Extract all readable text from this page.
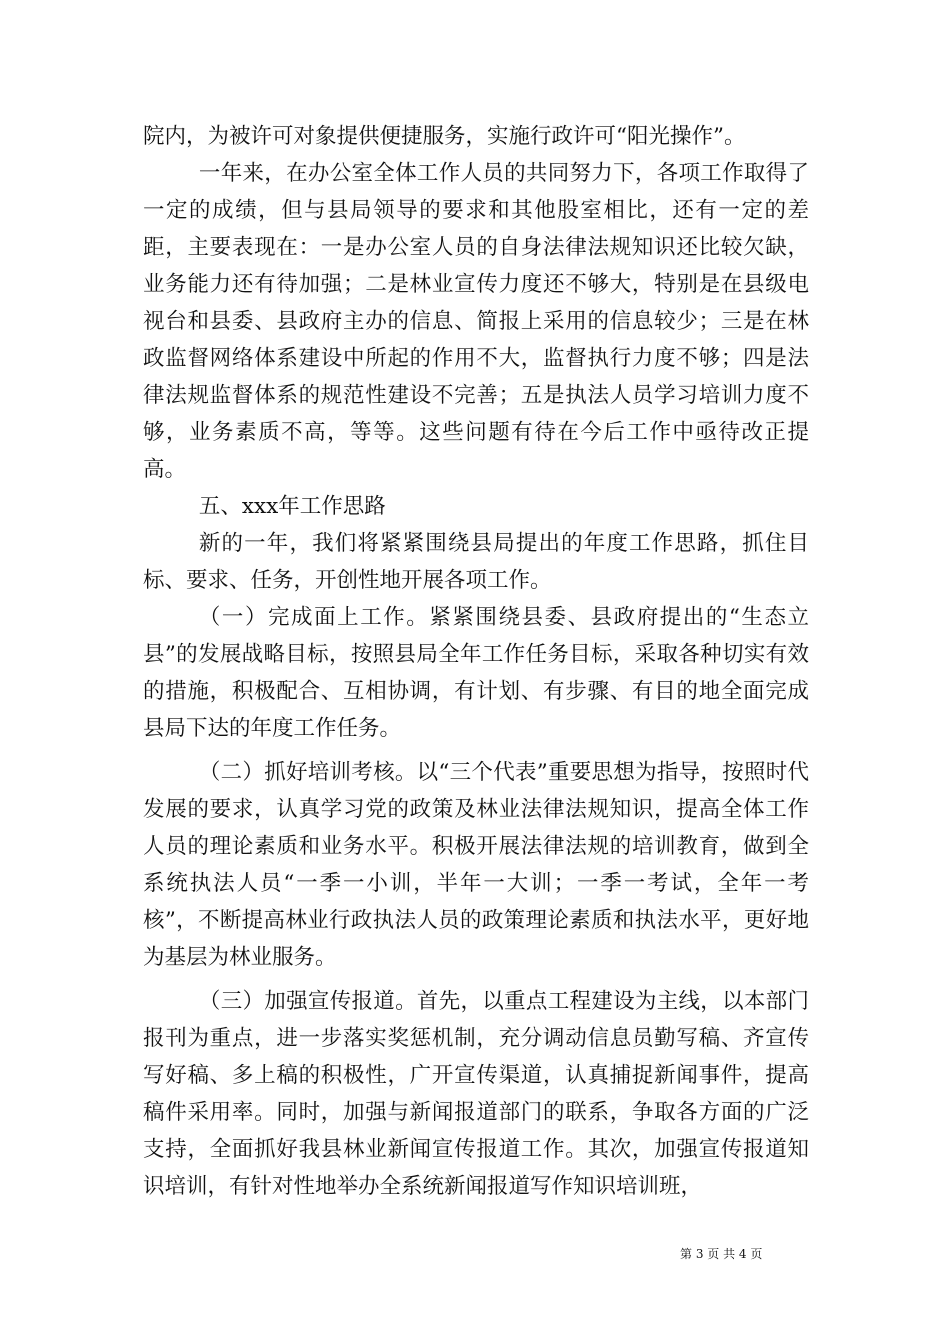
院内，为被许可对象提供便捷服务，实施行政许可“阳光操作”。

一年来，在办公室全体工作人员的共同努力下，各项工作取得了一定的成绩，但与县局领导的要求和其他股室相比，还有一定的差距，主要表现在：一是办公室人员的自身法律法规知识还比较欠缺，业务能力还有待加强；二是林业宣传力度还不够大，特别是在县级电视台和县委、县政府主办的信息、简报上采用的信息较少；三是在林政监督网络体系建设中所起的作用不大，监督执行力度不够；四是法律法规监督体系的规范性建设不完善；五是执法人员学习培训力度不够，业务素质不高，等等。这些问题有待在今后工作中亟待改正提高。

五、xxx年工作思路

新的一年，我们将紧紧围绕县局提出的年度工作思路，抓住目标、要求、任务，开创性地开展各项工作。

（一）完成面上工作。紧紧围绕县委、县政府提出的“生态立县”的发展战略目标，按照县局全年工作任务目标，采取各种切实有效的措施，积极配合、互相协调，有计划、有步骤、有目的地全面完成县局下达的年度工作任务。

（二）抓好培训考核。以“三个代表”重要思想为指导，按照时代发展的要求，认真学习党的政策及林业法律法规知识，提高全体工作人员的理论素质和业务水平。积极开展法律法规的培训教育，做到全系统执法人员“一季一小训，半年一大训；一季一考试，全年一考核”，不断提高林业行政执法人员的政策理论素质和执法水平，更好地为基层为林业服务。

（三）加强宣传报道。首先，以重点工程建设为主线，以本部门报刊为重点，进一步落实奖惩机制，充分调动信息员勤写稿、齐宣传写好稿、多上稿的积极性，广开宣传渠道，认真捕捉新闻事件，提高稿件采用率。同时，加强与新闻报道部门的联系，争取各方面的广泛支持，全面抓好我县林业新闻宣传报道工作。其次，加强宣传报道知识培训，有针对性地举办全系统新闻报道写作知识培训班，

第 3 页 共 4 页
